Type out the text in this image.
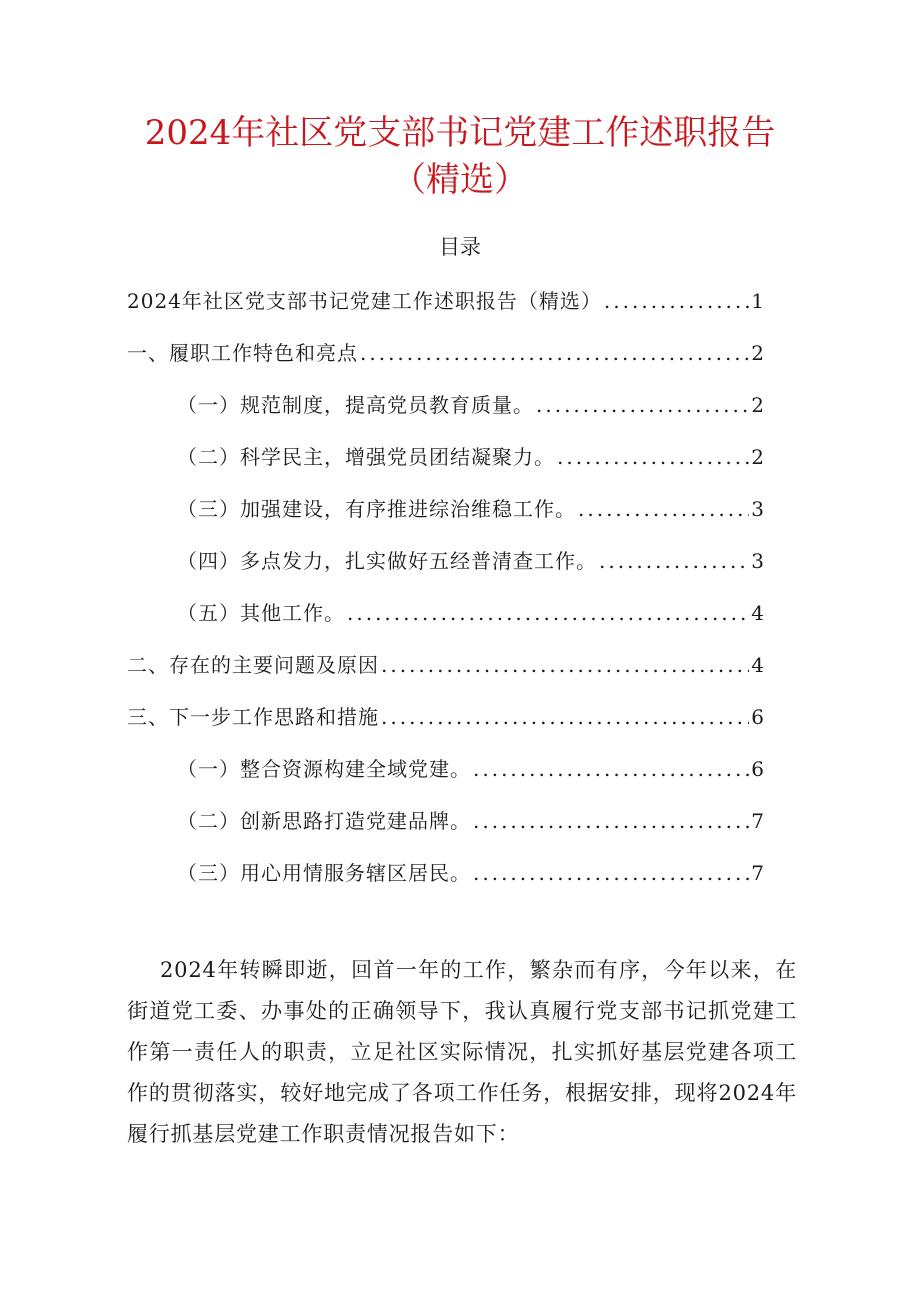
2024年社区党支部书记党建工作述职报告
（精选）
目录
2024年社区党支部书记党建工作述职报告（精选） .....	1
一、履职工作特色和亮点 .....	2
（一）规范制度，提高党员教育质量。 .....	2
（二）科学民主，增强党员团结凝聚力。 .....	2
（三）加强建设，有序推进综治维稳工作。 .....	3
（四）多点发力，扎实做好五经普清查工作。 .....	3
（五）其他工作。 .....	4
二、存在的主要问题及原因 .....	4
三、下一步工作思路和措施 .....	6
（一）整合资源构建全域党建。 .....	6
（二）创新思路打造党建品牌。 .....	7
（三）用心用情服务辖区居民。 .....	7

2024年转瞬即逝，回首一年的工作，繁杂而有序，今年以来，在街道党工委、办事处的正确领导下，我认真履行党支部书记抓党建工作第一责任人的职责，立足社区实际情况，扎实抓好基层党建各项工作的贯彻落实，较好地完成了各项工作任务，根据安排，现将2024年履行抓基层党建工作职责情况报告如下：
